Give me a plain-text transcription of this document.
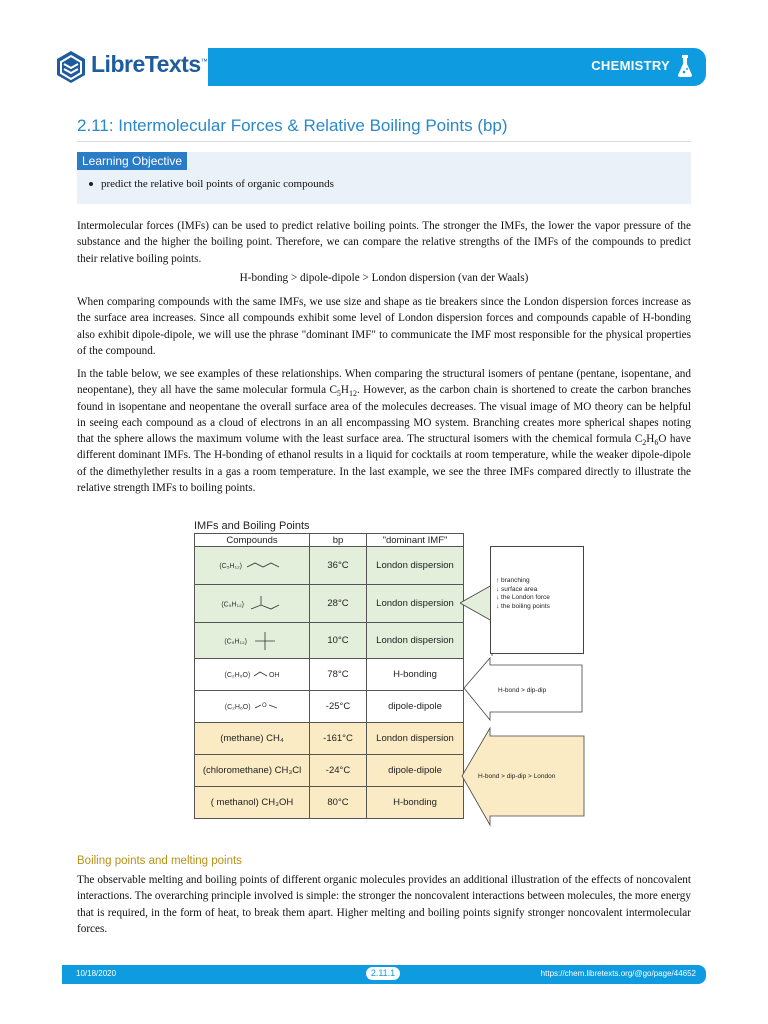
LibreTexts™	CHEMISTRY
2.11: Intermolecular Forces & Relative Boiling Points (bp)
Learning Objective
predict the relative boil points of organic compounds
Intermolecular forces (IMFs) can be used to predict relative boiling points. The stronger the IMFs, the lower the vapor pressure of the substance and the higher the boiling point. Therefore, we can compare the relative strengths of the IMFs of the compounds to predict their relative boiling points.
H-bonding > dipole-dipole > London dispersion (van der Waals)
When comparing compounds with the same IMFs, we use size and shape as tie breakers since the London dispersion forces increase as the surface area increases. Since all compounds exhibit some level of London dispersion forces and compounds capable of H-bonding also exhibit dipole-dipole, we will use the phrase "dominant IMF" to communicate the IMF most responsible for the physical properties of the compound.
In the table below, we see examples of these relationships. When comparing the structural isomers of pentane (pentane, isopentane, and neopentane), they all have the same molecular formula $C_5H_{12}$. However, as the carbon chain is shortened to create the carbon branches found in isopentane and neopentane the overall surface area of the molecules decreases. The visual image of MO theory can be helpful in seeing each compound as a cloud of electrons in an all encompassing MO system. Branching creates more spherical shapes noting that the sphere allows the maximum volume with the least surface area. The structural isomers with the chemical formula $C_2H_6O$ have different dominant IMFs. The H-bonding of ethanol results in a liquid for cocktails at room temperature, while the weaker dipole-dipole of the dimethylether results in a gas a room temperature. In the last example, we see the three IMFs compared directly to illustrate the relative strength IMFs to boiling points.
IMFs and Boiling Points
Compounds	bp	"dominant IMF"
(C₅H₁₂)	36°C	London dispersion
(C₅H₁₂)	28°C	London dispersion
(C₅H₁₂)	10°C	London dispersion
(C₂H₆O) OH	78°C	H-bonding
(C₂H₆O) O	-25°C	dipole-dipole
(methane) CH₄	-161°C	London dispersion
(chloromethane) CH₃Cl	-24°C	dipole-dipole
( methanol) CH₃OH	80°C	H-bonding
↑ branching
↓ surface area
↓ the London force
↓ the boiling points
H-bond > dip-dip
H-bond > dip-dip > London
Boiling points and melting points
The observable melting and boiling points of different organic molecules provides an additional illustration of the effects of noncovalent interactions. The overarching principle involved is simple: the stronger the noncovalent interactions between molecules, the more energy that is required, in the form of heat, to break them apart. Higher melting and boiling points signify stronger noncovalent intermolecular forces.
10/18/2020	2.11.1	https://chem.libretexts.org/@go/page/44652
